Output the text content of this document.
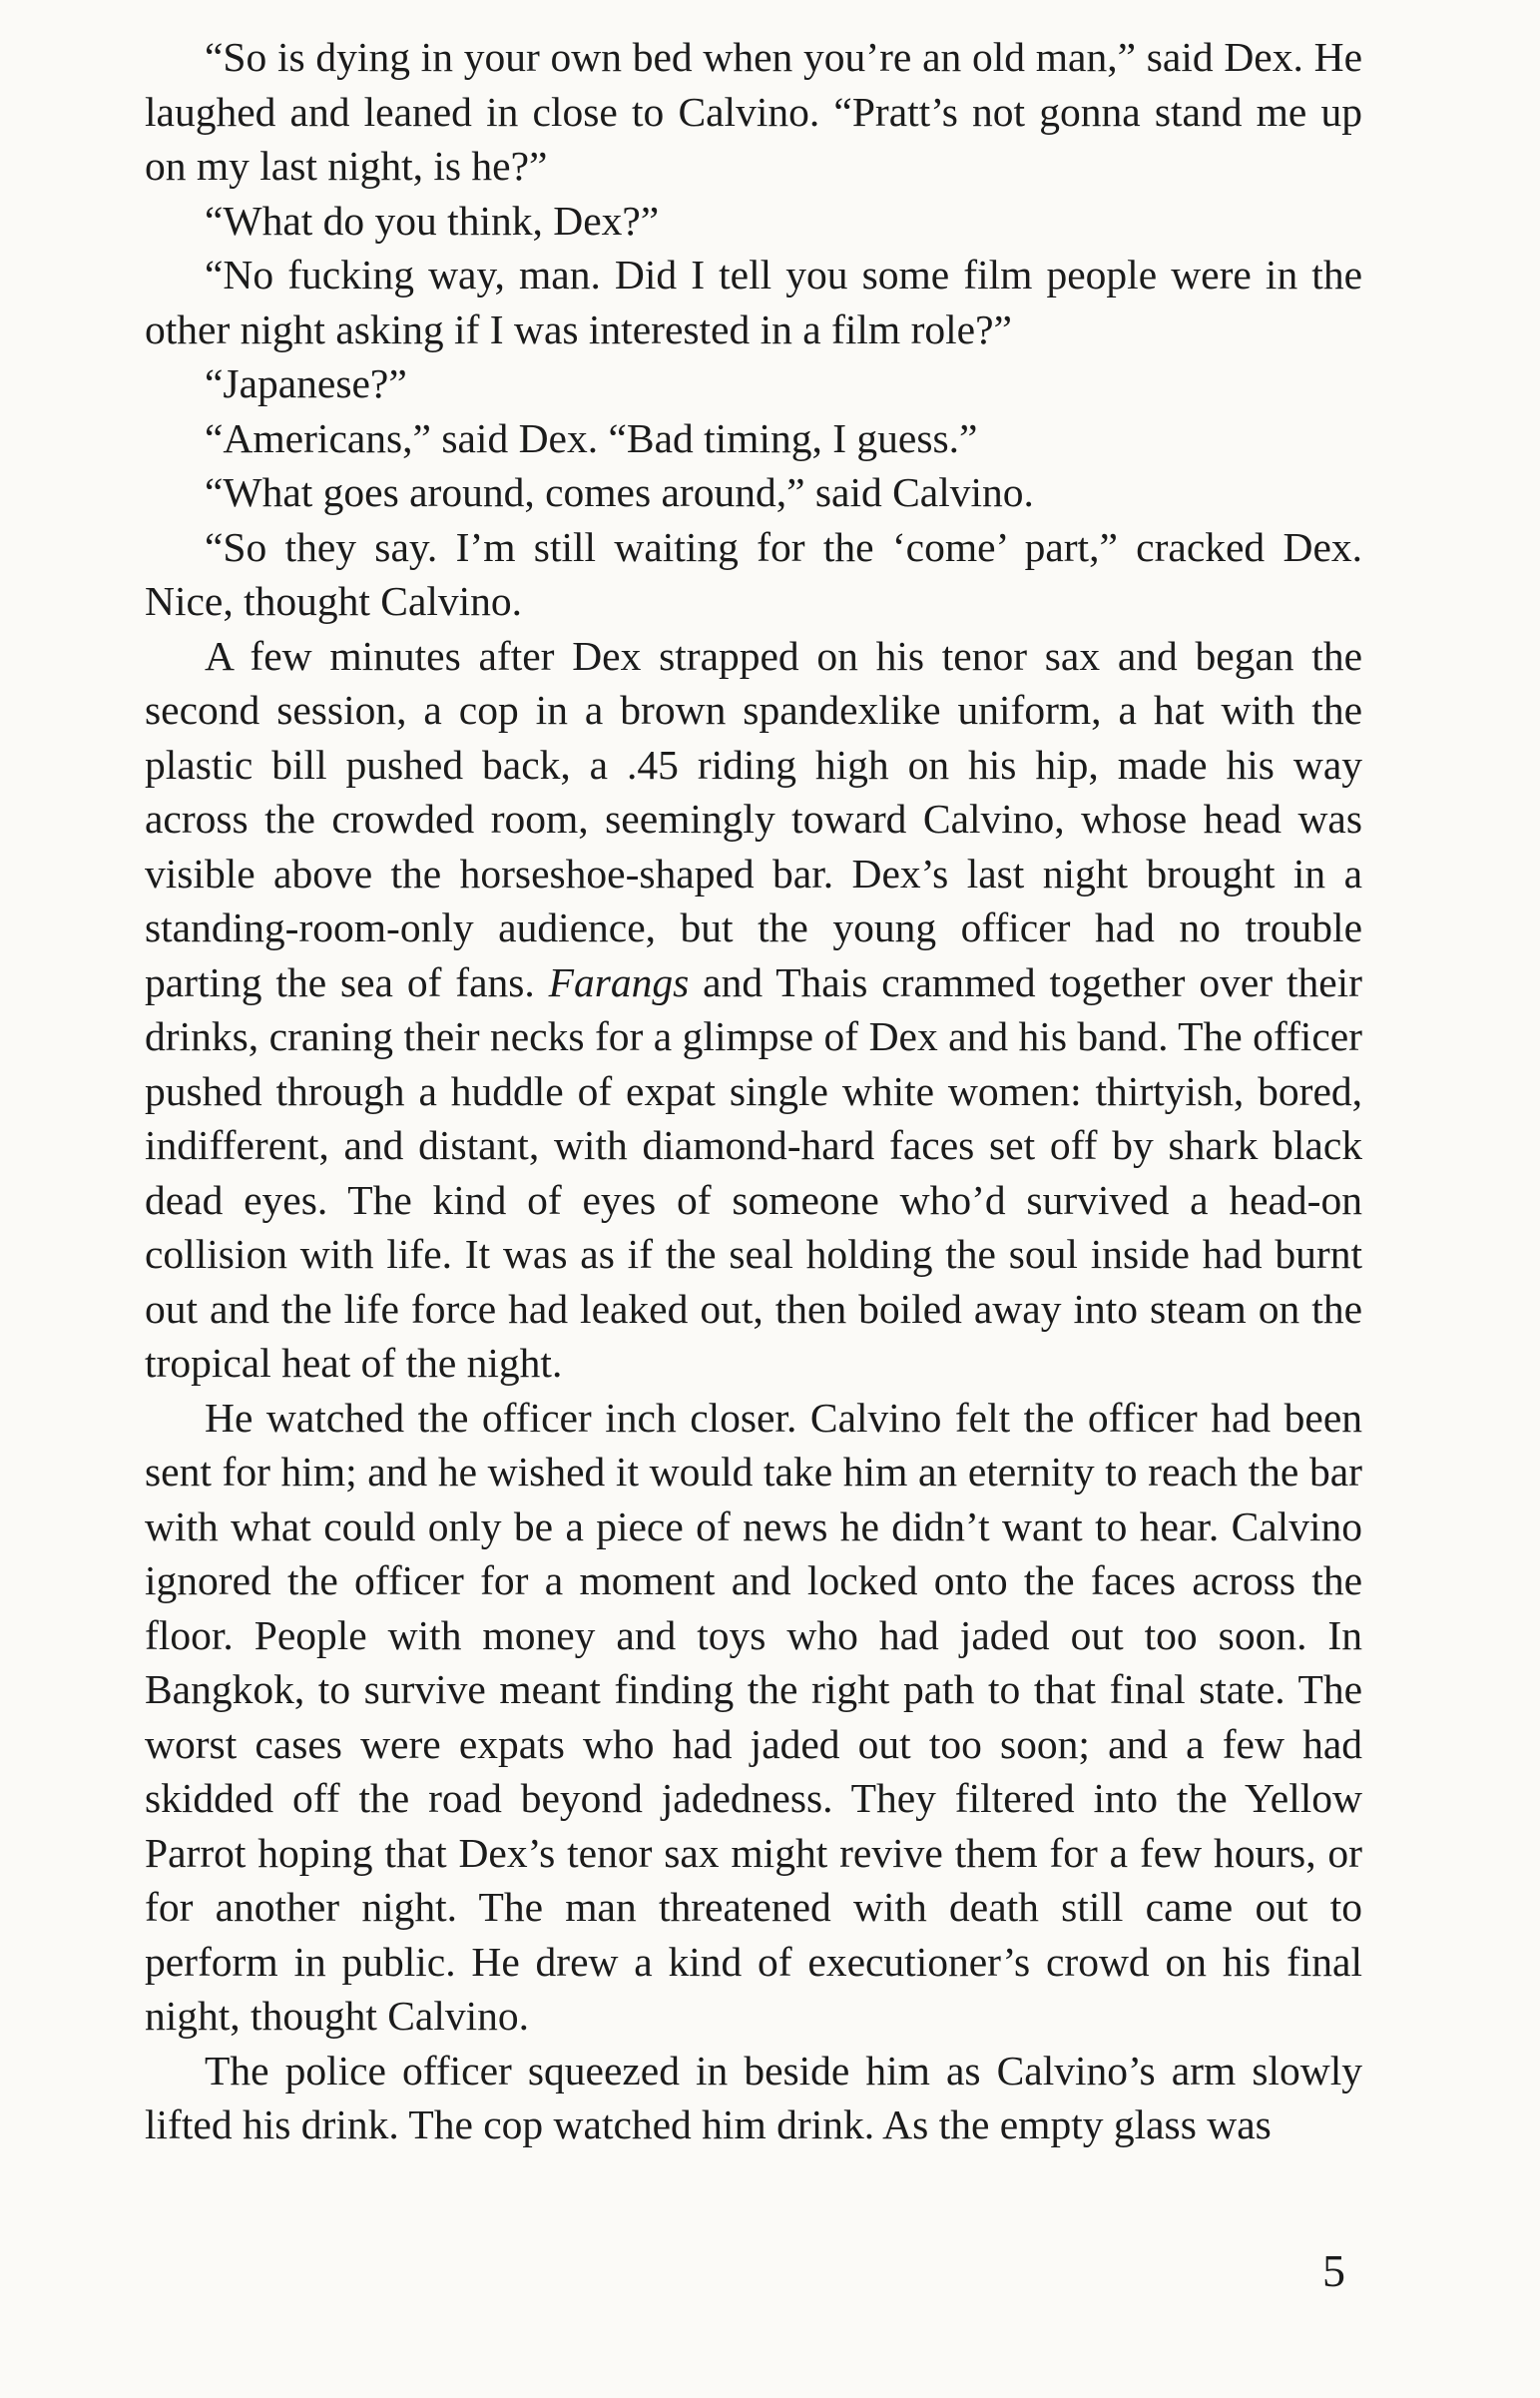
“So is dying in your own bed when you’re an old man,” said Dex. He laughed and leaned in close to Calvino. “Pratt’s not gonna stand me up on my last night, is he?”

“What do you think, Dex?”

“No fucking way, man. Did I tell you some film people were in the other night asking if I was interested in a film role?”

“Japanese?”

“Americans,” said Dex. “Bad timing, I guess.”

“What goes around, comes around,” said Calvino.

“So they say. I’m still waiting for the ‘come’ part,” cracked Dex. Nice, thought Calvino.

A few minutes after Dex strapped on his tenor sax and began the second session, a cop in a brown spandexlike uniform, a hat with the plastic bill pushed back, a .45 riding high on his hip, made his way across the crowded room, seemingly toward Calvino, whose head was visible above the horseshoe-shaped bar. Dex’s last night brought in a standing-room-only audience, but the young officer had no trouble parting the sea of fans. Farangs and Thais crammed together over their drinks, craning their necks for a glimpse of Dex and his band. The officer pushed through a huddle of expat single white women: thirtyish, bored, indifferent, and distant, with diamond-hard faces set off by shark black dead eyes. The kind of eyes of someone who’d survived a head-on collision with life. It was as if the seal holding the soul inside had burnt out and the life force had leaked out, then boiled away into steam on the tropical heat of the night.

He watched the officer inch closer. Calvino felt the officer had been sent for him; and he wished it would take him an eternity to reach the bar with what could only be a piece of news he didn’t want to hear. Calvino ignored the officer for a moment and locked onto the faces across the floor. People with money and toys who had jaded out too soon. In Bangkok, to survive meant finding the right path to that final state. The worst cases were expats who had jaded out too soon; and a few had skidded off the road beyond jadedness. They filtered into the Yellow Parrot hoping that Dex’s tenor sax might revive them for a few hours, or for another night. The man threatened with death still came out to perform in public. He drew a kind of executioner’s crowd on his final night, thought Calvino.

The police officer squeezed in beside him as Calvino’s arm slowly lifted his drink. The cop watched him drink. As the empty glass was

5
